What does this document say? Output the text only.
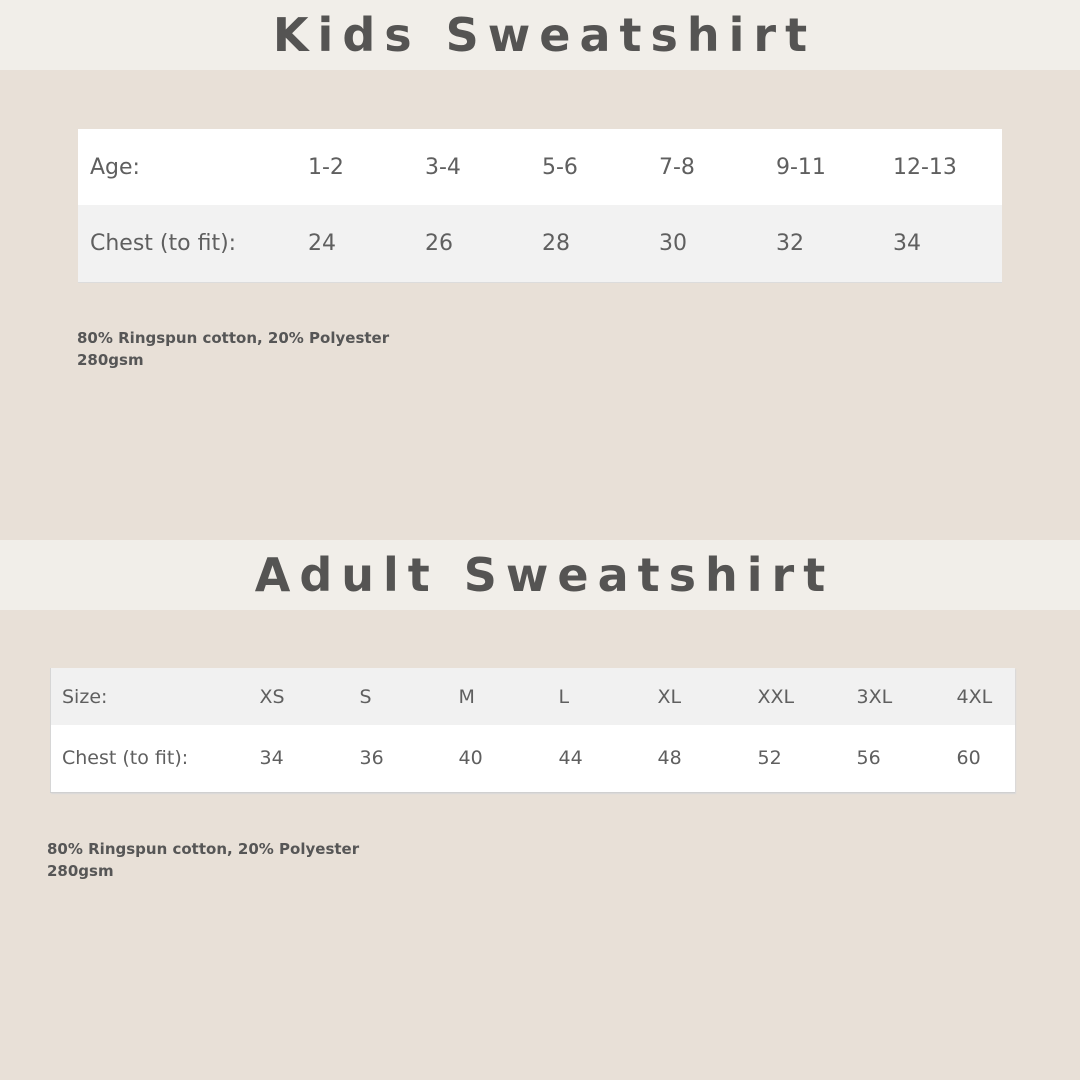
Kids Sweatshirt
Age:	1-2	3-4	5-6	7-8	9-11	12-13
Chest (to fit):	24	26	28	30	32	34
80% Ringspun cotton, 20% Polyester
280gsm
Adult Sweatshirt
Size:	XS	S	M	L	XL	XXL	3XL	4XL
Chest (to fit):	34	36	40	44	48	52	56	60
80% Ringspun cotton, 20% Polyester
280gsm
